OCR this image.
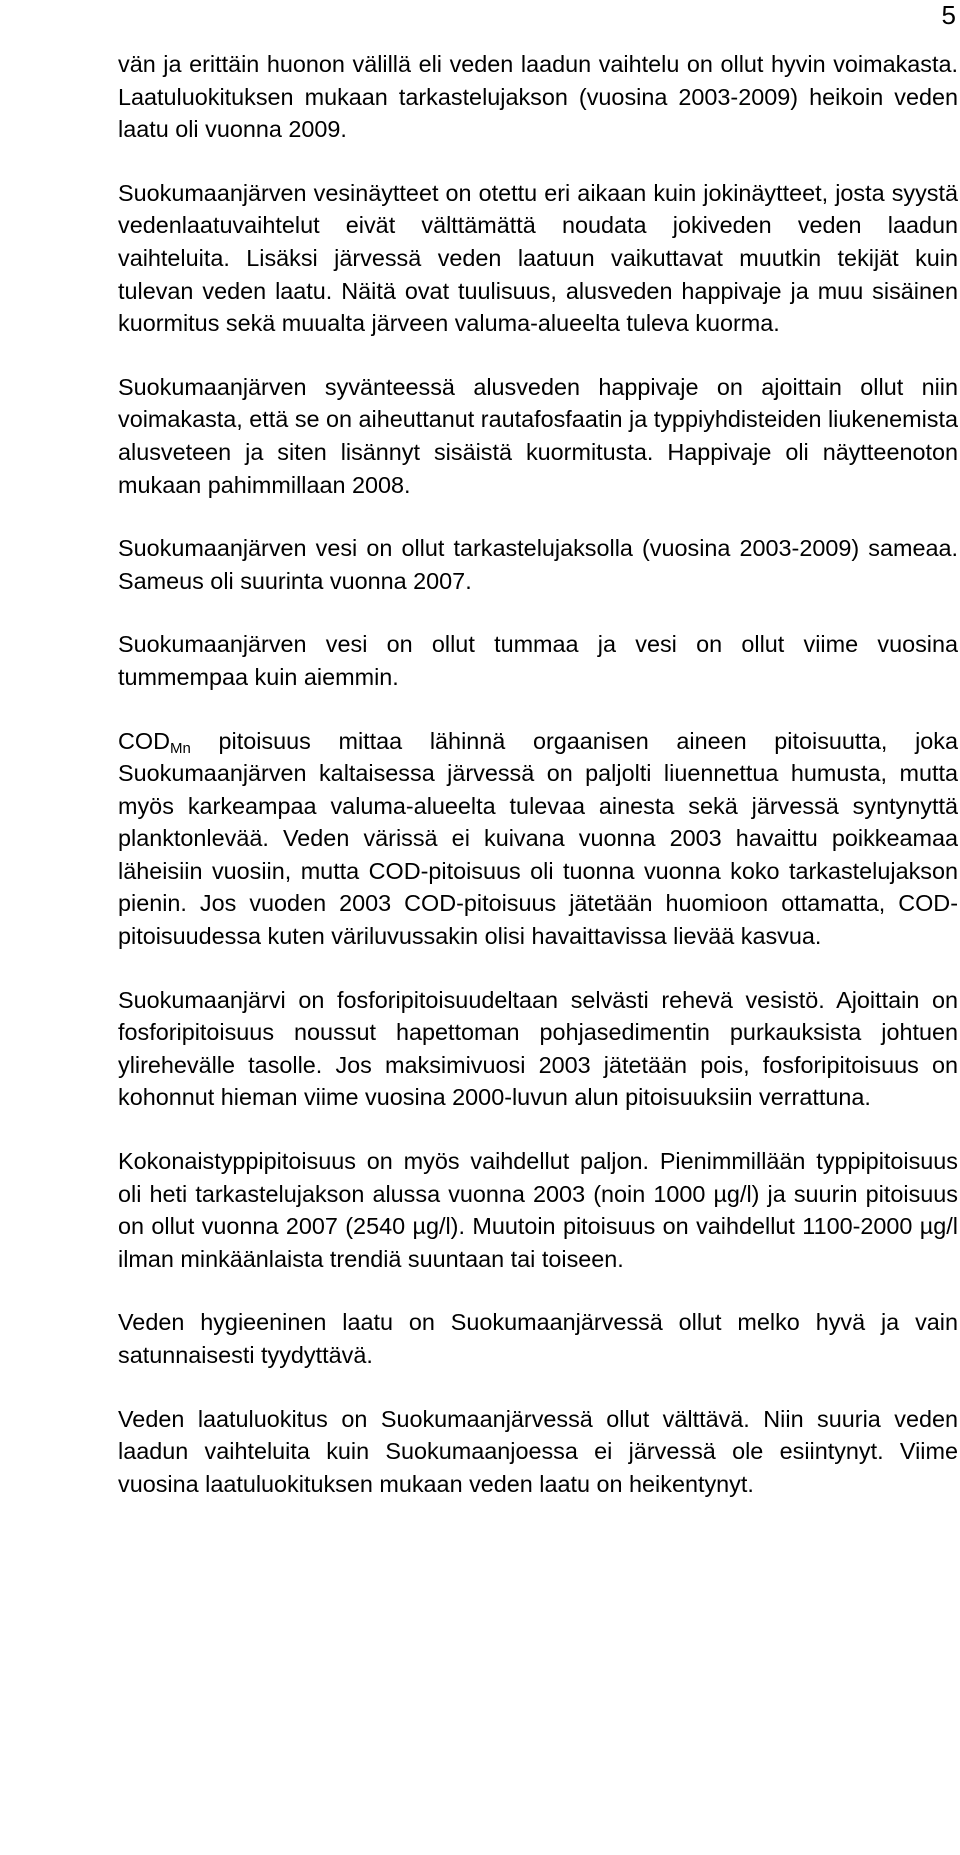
5

vän ja erittäin huonon välillä eli veden laadun vaihtelu on ollut hyvin voimakasta. Laatuluokituksen mukaan tarkastelujakson (vuosina 2003-2009) heikoin veden laatu oli vuonna 2009.

Suokumaanjärven vesinäytteet on otettu eri aikaan kuin jokinäytteet, josta syystä vedenlaatuvaihtelut eivät välttämättä noudata jokiveden veden laadun vaihteluita. Lisäksi järvessä veden laatuun vaikuttavat muutkin tekijät kuin tulevan veden laatu. Näitä ovat tuulisuus, alusveden happivaje ja muu sisäinen kuormitus sekä muualta järveen valuma-alueelta tuleva kuorma.

Suokumaanjärven syvänteessä alusveden happivaje on ajoittain ollut niin voimakasta, että se on aiheuttanut rautafosfaatin ja typpiyhdisteiden liukenemista alusveteen ja siten lisännyt sisäistä kuormitusta. Happivaje oli näytteenoton mukaan pahimmillaan 2008.

Suokumaanjärven vesi on ollut tarkastelujaksolla (vuosina 2003-2009) sameaa. Sameus oli suurinta vuonna 2007.

Suokumaanjärven vesi on ollut tummaa ja vesi on ollut viime vuosina tummempaa kuin aiemmin.

$COD_{Mn}$ pitoisuus mittaa lähinnä orgaanisen aineen pitoisuutta, joka Suokumaanjärven kaltaisessa järvessä on paljolti liuennettua humusta, mutta myös karkeampaa valuma-alueelta tulevaa ainesta sekä järvessä syntynyttä planktonlevää. Veden värissä ei kuivana vuonna 2003 havaittu poikkeamaa läheisiin vuosiin, mutta COD-pitoisuus oli tuonna vuonna koko tarkastelujakson pienin. Jos vuoden 2003 COD-pitoisuus jätetään huomioon ottamatta, COD-pitoisuudessa kuten väriluvussakin olisi havaittavissa lievää kasvua.

Suokumaanjärvi on fosforipitoisuudeltaan selvästi rehevä vesistö. Ajoittain on fosforipitoisuus noussut hapettoman pohjasedimentin purkauksista johtuen ylirehevälle tasolle. Jos maksimivuosi 2003 jätetään pois, fosforipitoisuus on kohonnut hieman viime vuosina 2000-luvun alun pitoisuuksiin verrattuna.

Kokonaistyppipitoisuus on myös vaihdellut paljon. Pienimmillään typpipitoisuus oli heti tarkastelujakson alussa vuonna 2003 (noin 1000 µg/l) ja suurin pitoisuus on ollut vuonna 2007 (2540 µg/l). Muutoin pitoisuus on vaihdellut 1100-2000 µg/l ilman minkäänlaista trendiä suuntaan tai toiseen.

Veden hygieeninen laatu on Suokumaanjärvessä ollut melko hyvä ja vain satunnaisesti tyydyttävä.

Veden laatuluokitus on Suokumaanjärvessä ollut välttävä. Niin suuria veden laadun vaihteluita kuin Suokumaanjoessa ei järvessä ole esiintynyt. Viime vuosina laatuluokituksen mukaan veden laatu on heikentynyt.
